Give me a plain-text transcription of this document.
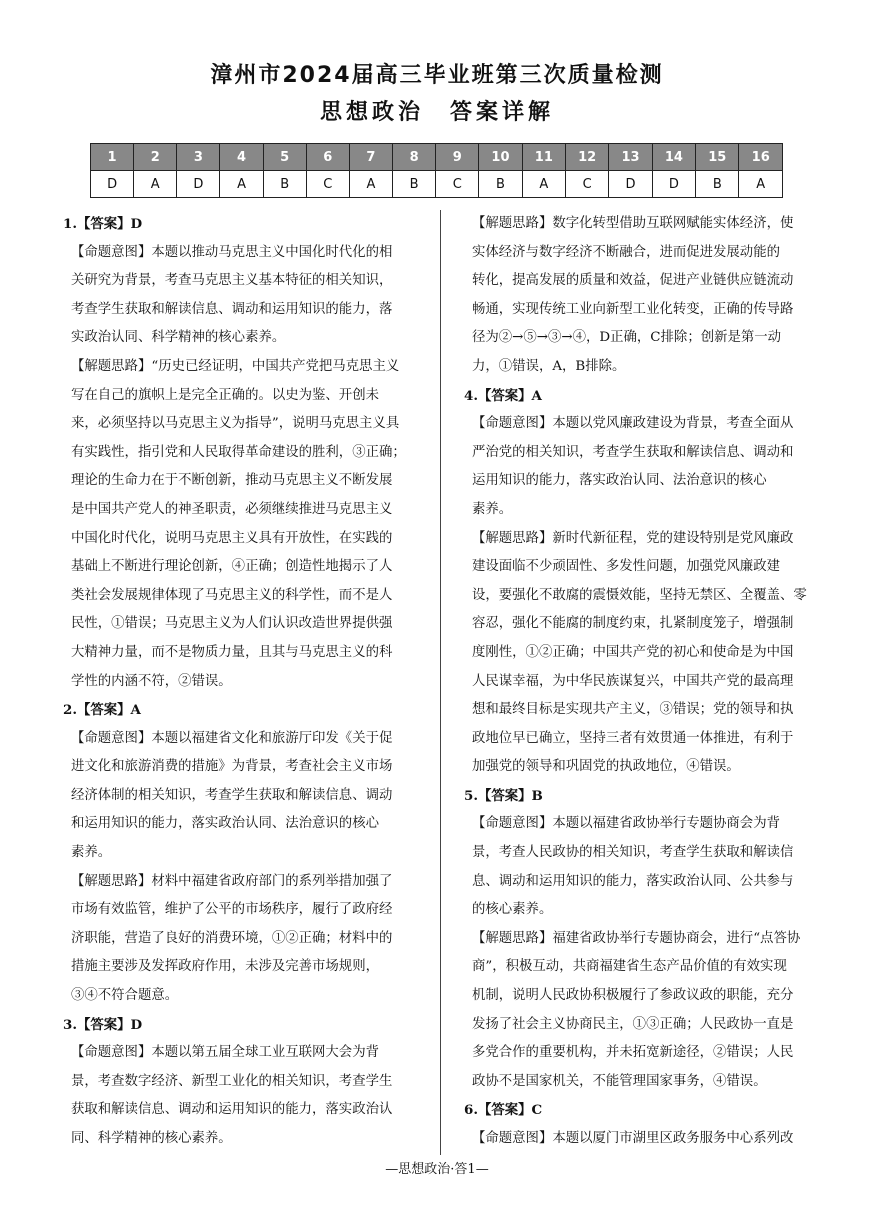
漳州市2024届高三毕业班第三次质量检测
思想政治　答案详解
1	2	3	4	5	6	7	8	9	10	11	12	13	14	15	16
D	A	D	A	B	C	A	B	C	B	A	C	D	D	B	A
1.【答案】D
【命题意图】本题以推动马克思主义中国化时代化的相
关研究为背景，考查马克思主义基本特征的相关知识，
考查学生获取和解读信息、调动和运用知识的能力，落
实政治认同、科学精神的核心素养。
【解题思路】“历史已经证明，中国共产党把马克思主义
写在自己的旗帜上是完全正确的。以史为鉴、开创未
来，必须坚持以马克思主义为指导”，说明马克思主义具
有实践性，指引党和人民取得革命建设的胜利，③正确；
理论的生命力在于不断创新，推动马克思主义不断发展
是中国共产党人的神圣职责，必须继续推进马克思主义
中国化时代化，说明马克思主义具有开放性，在实践的
基础上不断进行理论创新，④正确；创造性地揭示了人
类社会发展规律体现了马克思主义的科学性，而不是人
民性，①错误；马克思主义为人们认识改造世界提供强
大精神力量，而不是物质力量，且其与马克思主义的科
学性的内涵不符，②错误。
2.【答案】A
【命题意图】本题以福建省文化和旅游厅印发《关于促
进文化和旅游消费的措施》为背景，考查社会主义市场
经济体制的相关知识，考查学生获取和解读信息、调动
和运用知识的能力，落实政治认同、法治意识的核心
素养。
【解题思路】材料中福建省政府部门的系列举措加强了
市场有效监管，维护了公平的市场秩序，履行了政府经
济职能，营造了良好的消费环境，①②正确；材料中的
措施主要涉及发挥政府作用，未涉及完善市场规则，
③④不符合题意。
3.【答案】D
【命题意图】本题以第五届全球工业互联网大会为背
景，考查数字经济、新型工业化的相关知识，考查学生
获取和解读信息、调动和运用知识的能力，落实政治认
同、科学精神的核心素养。
【解题思路】数字化转型借助互联网赋能实体经济，使
实体经济与数字经济不断融合，进而促进发展动能的
转化，提高发展的质量和效益，促进产业链供应链流动
畅通，实现传统工业向新型工业化转变，正确的传导路
径为②→⑤→③→④，D正确，C排除；创新是第一动
力，①错误，A，B排除。
4.【答案】A
【命题意图】本题以党风廉政建设为背景，考查全面从
严治党的相关知识，考查学生获取和解读信息、调动和
运用知识的能力，落实政治认同、法治意识的核心
素养。
【解题思路】新时代新征程，党的建设特别是党风廉政
建设面临不少顽固性、多发性问题，加强党风廉政建
设，要强化不敢腐的震慑效能，坚持无禁区、全覆盖、零
容忍，强化不能腐的制度约束，扎紧制度笼子，增强制
度刚性，①②正确；中国共产党的初心和使命是为中国
人民谋幸福，为中华民族谋复兴，中国共产党的最高理
想和最终目标是实现共产主义，③错误；党的领导和执
政地位早已确立，坚持三者有效贯通一体推进，有利于
加强党的领导和巩固党的执政地位，④错误。
5.【答案】B
【命题意图】本题以福建省政协举行专题协商会为背
景，考查人民政协的相关知识，考查学生获取和解读信
息、调动和运用知识的能力，落实政治认同、公共参与
的核心素养。
【解题思路】福建省政协举行专题协商会，进行“点答协
商”，积极互动，共商福建省生态产品价值的有效实现
机制，说明人民政协积极履行了参政议政的职能，充分
发扬了社会主义协商民主，①③正确；人民政协一直是
多党合作的重要机构，并未拓宽新途径，②错误；人民
政协不是国家机关，不能管理国家事务，④错误。
6.【答案】C
【命题意图】本题以厦门市湖里区政务服务中心系列改
—思想政治·答1—
